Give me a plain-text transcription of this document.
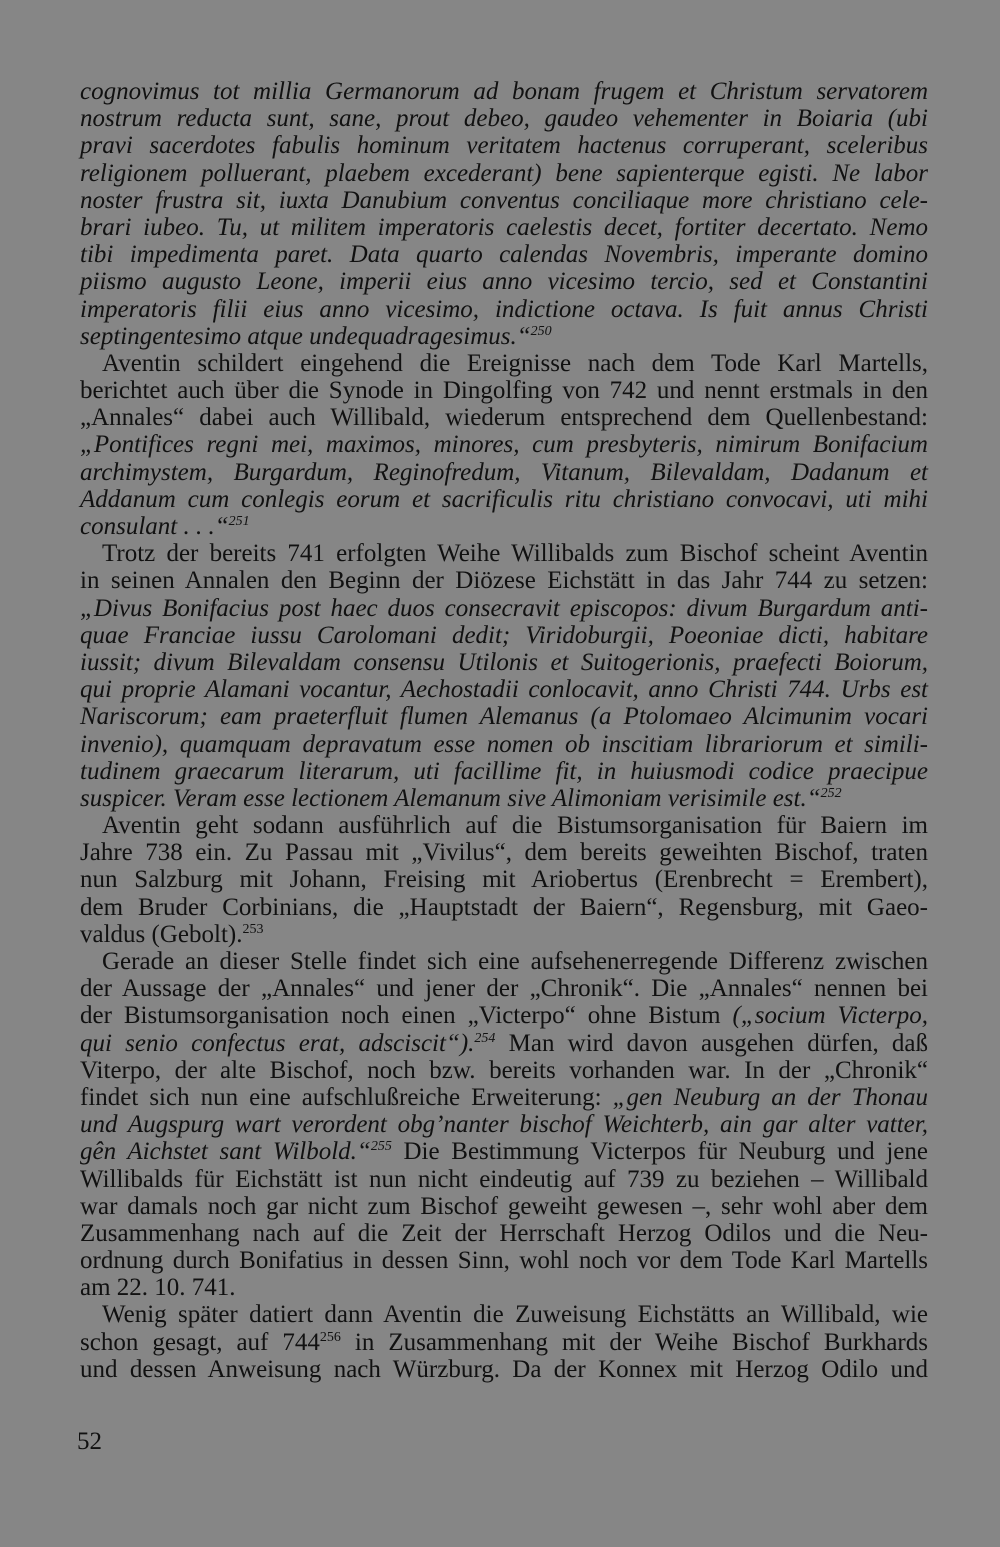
cognovimus tot millia Germanorum ad bonam frugem et Christum servatorem
nostrum reducta sunt, sane, prout debeo, gaudeo vehementer in Boiaria (ubi
pravi sacerdotes fabulis hominum veritatem hactenus corruperant, sceleribus
religionem polluerant, plaebem excederant) bene sapienterque egisti. Ne labor
noster frustra sit, iuxta Danubium conventus conciliaque more christiano cele-
brari iubeo. Tu, ut militem imperatoris caelestis decet, fortiter decertato. Nemo
tibi impedimenta paret. Data quarto calendas Novembris, imperante domino
piismo augusto Leone, imperii eius anno vicesimo tercio, sed et Constantini
imperatoris filii eius anno vicesimo, indictione octava. Is fuit annus Christi
septingentesimo atque undequadragesimus.“$^{250}$
Aventin schildert eingehend die Ereignisse nach dem Tode Karl Martells,
berichtet auch über die Synode in Dingolfing von 742 und nennt erstmals in den
„Annales“ dabei auch Willibald, wiederum entsprechend dem Quellenbestand:
„Pontifices regni mei, maximos, minores, cum presbyteris, nimirum Bonifacium
archimystem, Burgardum, Reginofredum, Vitanum, Bilevaldam, Dadanum et
Addanum cum conlegis eorum et sacrificulis ritu christiano convocavi, uti mihi
consulant . . .“$^{251}$
Trotz der bereits 741 erfolgten Weihe Willibalds zum Bischof scheint Aventin
in seinen Annalen den Beginn der Diözese Eichstätt in das Jahr 744 zu setzen:
„Divus Bonifacius post haec duos consecravit episcopos: divum Burgardum anti-
quae Franciae iussu Carolomani dedit; Viridoburgii, Poeoniae dicti, habitare
iussit; divum Bilevaldam consensu Utilonis et Suitogerionis, praefecti Boiorum,
qui proprie Alamani vocantur, Aechostadii conlocavit, anno Christi 744. Urbs est
Nariscorum; eam praeterfluit flumen Alemanus (a Ptolomaeo Alcimunim vocari
invenio), quamquam depravatum esse nomen ob inscitiam librariorum et simili-
tudinem graecarum literarum, uti facillime fit, in huiusmodi codice praecipue
suspicer. Veram esse lectionem Alemanum sive Alimoniam verisimile est.“$^{252}$
Aventin geht sodann ausführlich auf die Bistumsorganisation für Baiern im
Jahre 738 ein. Zu Passau mit „Vivilus“, dem bereits geweihten Bischof, traten
nun Salzburg mit Johann, Freising mit Ariobertus (Erenbrecht = Erembert),
dem Bruder Corbinians, die „Hauptstadt der Baiern“, Regensburg, mit Gaeo-
valdus (Gebolt).$^{253}$
Gerade an dieser Stelle findet sich eine aufsehenerregende Differenz zwischen
der Aussage der „Annales“ und jener der „Chronik“. Die „Annales“ nennen bei
der Bistumsorganisation noch einen „Victerpo“ ohne Bistum („socium Victerpo,
qui senio confectus erat, adsciscit“).$^{254}$ Man wird davon ausgehen dürfen, daß
Viterpo, der alte Bischof, noch bzw. bereits vorhanden war. In der „Chronik“
findet sich nun eine aufschlußreiche Erweiterung: „gen Neuburg an der Thonau
und Augspurg wart verordent obg’nanter bischof Weichterb, ain gar alter vatter,
gên Aichstet sant Wilbold.“$^{255}$ Die Bestimmung Victerpos für Neuburg und jene
Willibalds für Eichstätt ist nun nicht eindeutig auf 739 zu beziehen – Willibald
war damals noch gar nicht zum Bischof geweiht gewesen –, sehr wohl aber dem
Zusammenhang nach auf die Zeit der Herrschaft Herzog Odilos und die Neu-
ordnung durch Bonifatius in dessen Sinn, wohl noch vor dem Tode Karl Martells
am 22. 10. 741.
Wenig später datiert dann Aventin die Zuweisung Eichstätts an Willibald, wie
schon gesagt, auf $744^{256}$ in Zusammenhang mit der Weihe Bischof Burkhards
und dessen Anweisung nach Würzburg. Da der Konnex mit Herzog Odilo und
52
